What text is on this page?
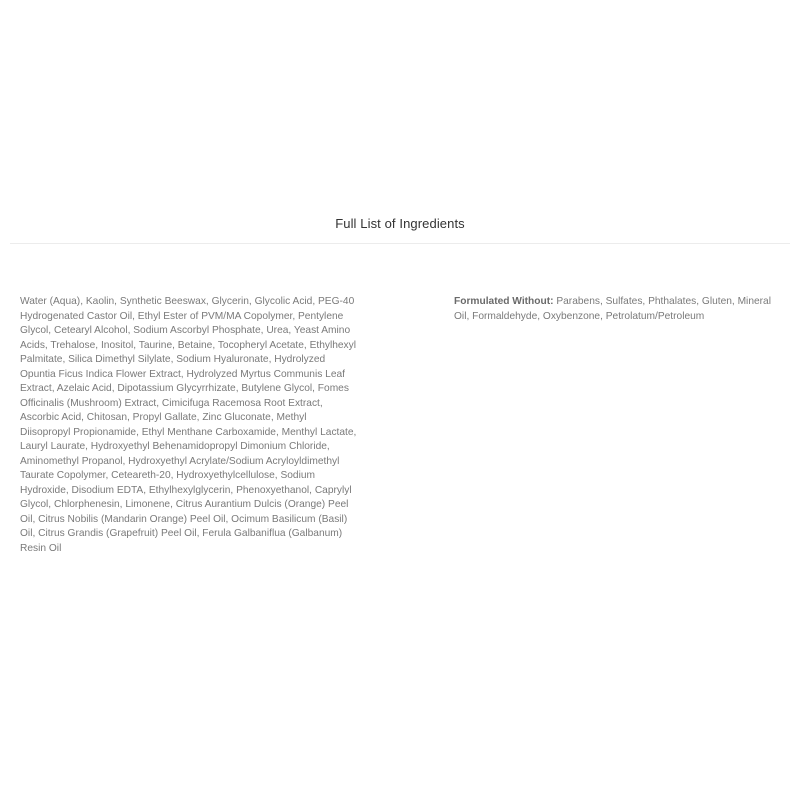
Full List of Ingredients
Water (Aqua), Kaolin, Synthetic Beeswax, Glycerin, Glycolic Acid, PEG-40 Hydrogenated Castor Oil, Ethyl Ester of PVM/MA Copolymer, Pentylene Glycol, Cetearyl Alcohol, Sodium Ascorbyl Phosphate, Urea, Yeast Amino Acids, Trehalose, Inositol, Taurine, Betaine, Tocopheryl Acetate, Ethylhexyl Palmitate, Silica Dimethyl Silylate, Sodium Hyaluronate, Hydrolyzed Opuntia Ficus Indica Flower Extract, Hydrolyzed Myrtus Communis Leaf Extract, Azelaic Acid, Dipotassium Glycyrrhizate, Butylene Glycol, Fomes Officinalis (Mushroom) Extract, Cimicifuga Racemosa Root Extract, Ascorbic Acid, Chitosan, Propyl Gallate, Zinc Gluconate, Methyl Diisopropyl Propionamide, Ethyl Menthane Carboxamide, Menthyl Lactate, Lauryl Laurate, Hydroxyethyl Behenamidopropyl Dimonium Chloride, Aminomethyl Propanol, Hydroxyethyl Acrylate/Sodium Acryloyldimethyl Taurate Copolymer, Ceteareth-20, Hydroxyethylcellulose, Sodium Hydroxide, Disodium EDTA, Ethylhexylglycerin, Phenoxyethanol, Caprylyl Glycol, Chlorphenesin, Limonene, Citrus Aurantium Dulcis (Orange) Peel Oil, Citrus Nobilis (Mandarin Orange) Peel Oil, Ocimum Basilicum (Basil) Oil, Citrus Grandis (Grapefruit) Peel Oil, Ferula Galbaniflua (Galbanum) Resin Oil
Formulated Without: Parabens, Sulfates, Phthalates, Gluten, Mineral Oil, Formaldehyde, Oxybenzone, Petrolatum/Petroleum
